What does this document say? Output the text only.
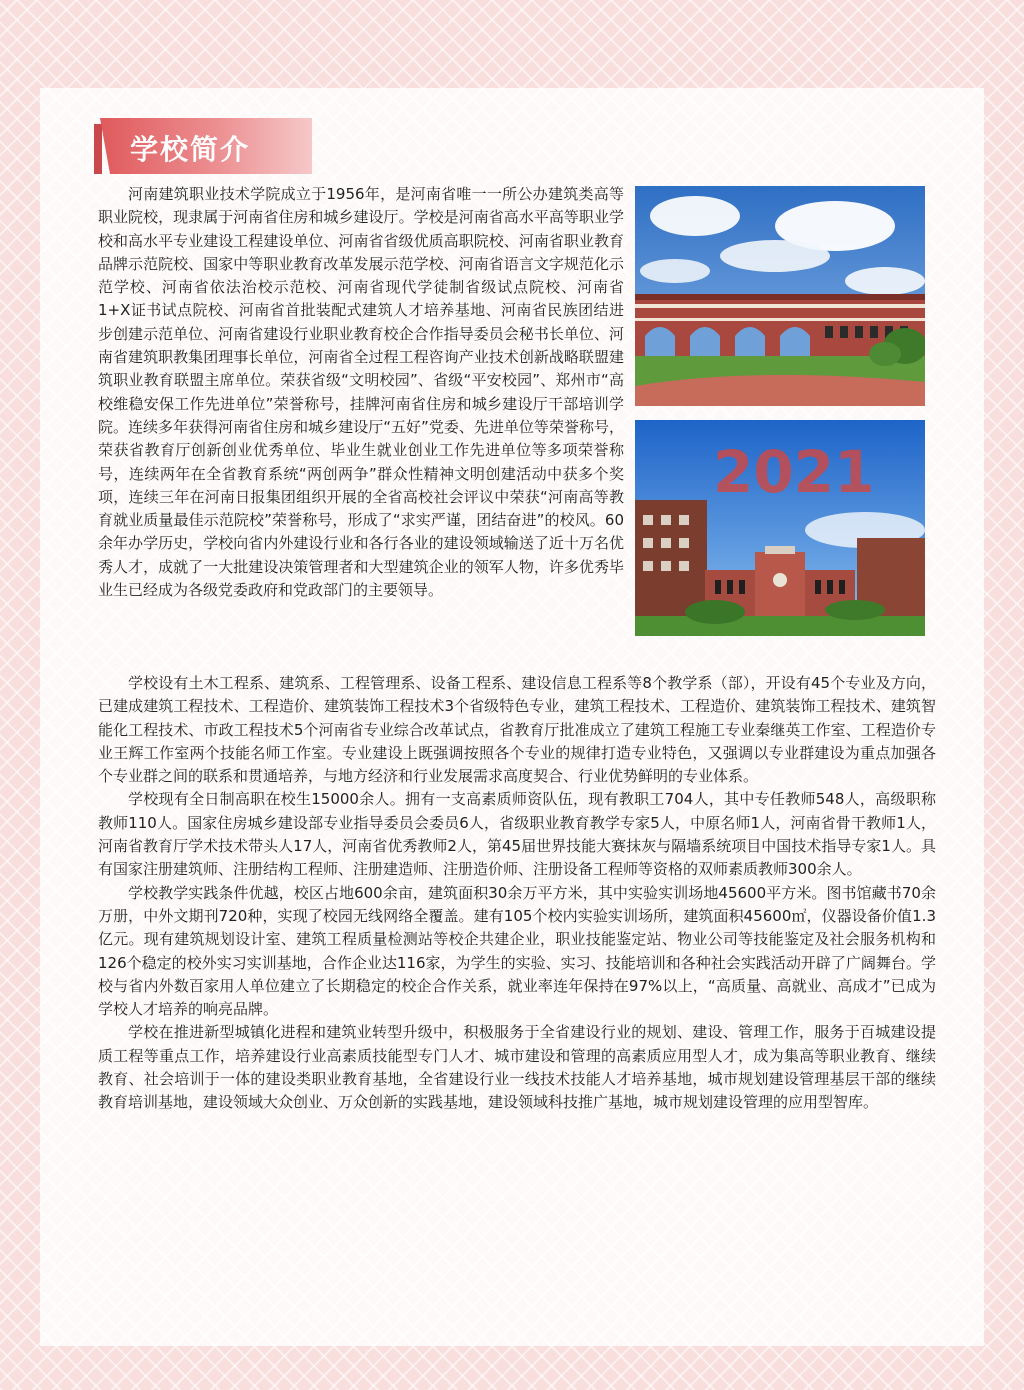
学校简介
2021

河南建筑职业技术学院成立于1956年，是河南省唯一一所公办建筑类高等职业院校，现隶属于河南省住房和城乡建设厅。学校是河南省高水平高等职业学校和高水平专业建设工程建设单位、河南省省级优质高职院校、河南省职业教育品牌示范院校、国家中等职业教育改革发展示范学校、河南省语言文字规范化示范学校、河南省依法治校示范校、河南省现代学徒制省级试点院校、河南省1+X证书试点院校、河南省首批装配式建筑人才培养基地、河南省民族团结进步创建示范单位、河南省建设行业职业教育校企合作指导委员会秘书长单位、河南省建筑职教集团理事长单位，河南省全过程工程咨询产业技术创新战略联盟建筑职业教育联盟主席单位。荣获省级“文明校园”、省级“平安校园”、郑州市“高校维稳安保工作先进单位”荣誉称号，挂牌河南省住房和城乡建设厅干部培训学院。连续多年获得河南省住房和城乡建设厅“五好”党委、先进单位等荣誉称号，荣获省教育厅创新创业优秀单位、毕业生就业创业工作先进单位等多项荣誉称号，连续两年在全省教育系统“两创两争”群众性精神文明创建活动中获多个奖项，连续三年在河南日报集团组织开展的全省高校社会评议中荣获“河南高等教育就业质量最佳示范院校”荣誉称号，形成了“求实严谨，团结奋进”的校风。60余年办学历史，学校向省内外建设行业和各行各业的建设领域输送了近十万名优秀人才，成就了一大批建设决策管理者和大型建筑企业的领军人物，许多优秀毕业生已经成为各级党委政府和党政部门的主要领导。

学校设有土木工程系、建筑系、工程管理系、设备工程系、建设信息工程系等8个教学系（部），开设有45个专业及方向，已建成建筑工程技术、工程造价、建筑装饰工程技术3个省级特色专业，建筑工程技术、工程造价、建筑装饰工程技术、建筑智能化工程技术、市政工程技术5个河南省专业综合改革试点，省教育厅批准成立了建筑工程施工专业秦继英工作室、工程造价专业王辉工作室两个技能名师工作室。专业建设上既强调按照各个专业的规律打造专业特色，又强调以专业群建设为重点加强各个专业群之间的联系和贯通培养，与地方经济和行业发展需求高度契合、行业优势鲜明的专业体系。

学校现有全日制高职在校生15000余人。拥有一支高素质师资队伍，现有教职工704人，其中专任教师548人，高级职称教师110人。国家住房城乡建设部专业指导委员会委员6人，省级职业教育教学专家5人，中原名师1人，河南省骨干教师1人，河南省教育厅学术技术带头人17人，河南省优秀教师2人，第45届世界技能大赛抹灰与隔墙系统项目中国技术指导专家1人。具有国家注册建筑师、注册结构工程师、注册建造师、注册造价师、注册设备工程师等资格的双师素质教师300余人。

学校教学实践条件优越，校区占地600余亩，建筑面积30余万平方米，其中实验实训场地45600平方米。图书馆藏书70余万册，中外文期刊720种，实现了校园无线网络全覆盖。建有105个校内实验实训场所，建筑面积45600㎡，仪器设备价值1.3亿元。现有建筑规划设计室、建筑工程质量检测站等校企共建企业，职业技能鉴定站、物业公司等技能鉴定及社会服务机构和126个稳定的校外实习实训基地，合作企业达116家，为学生的实验、实习、技能培训和各种社会实践活动开辟了广阔舞台。学校与省内外数百家用人单位建立了长期稳定的校企合作关系，就业率连年保持在97%以上，“高质量、高就业、高成才”已成为学校人才培养的响亮品牌。

学校在推进新型城镇化进程和建筑业转型升级中，积极服务于全省建设行业的规划、建设、管理工作，服务于百城建设提质工程等重点工作，培养建设行业高素质技能型专门人才、城市建设和管理的高素质应用型人才，成为集高等职业教育、继续教育、社会培训于一体的建设类职业教育基地，全省建设行业一线技术技能人才培养基地，城市规划建设管理基层干部的继续教育培训基地，建设领域大众创业、万众创新的实践基地，建设领域科技推广基地，城市规划建设管理的应用型智库。
